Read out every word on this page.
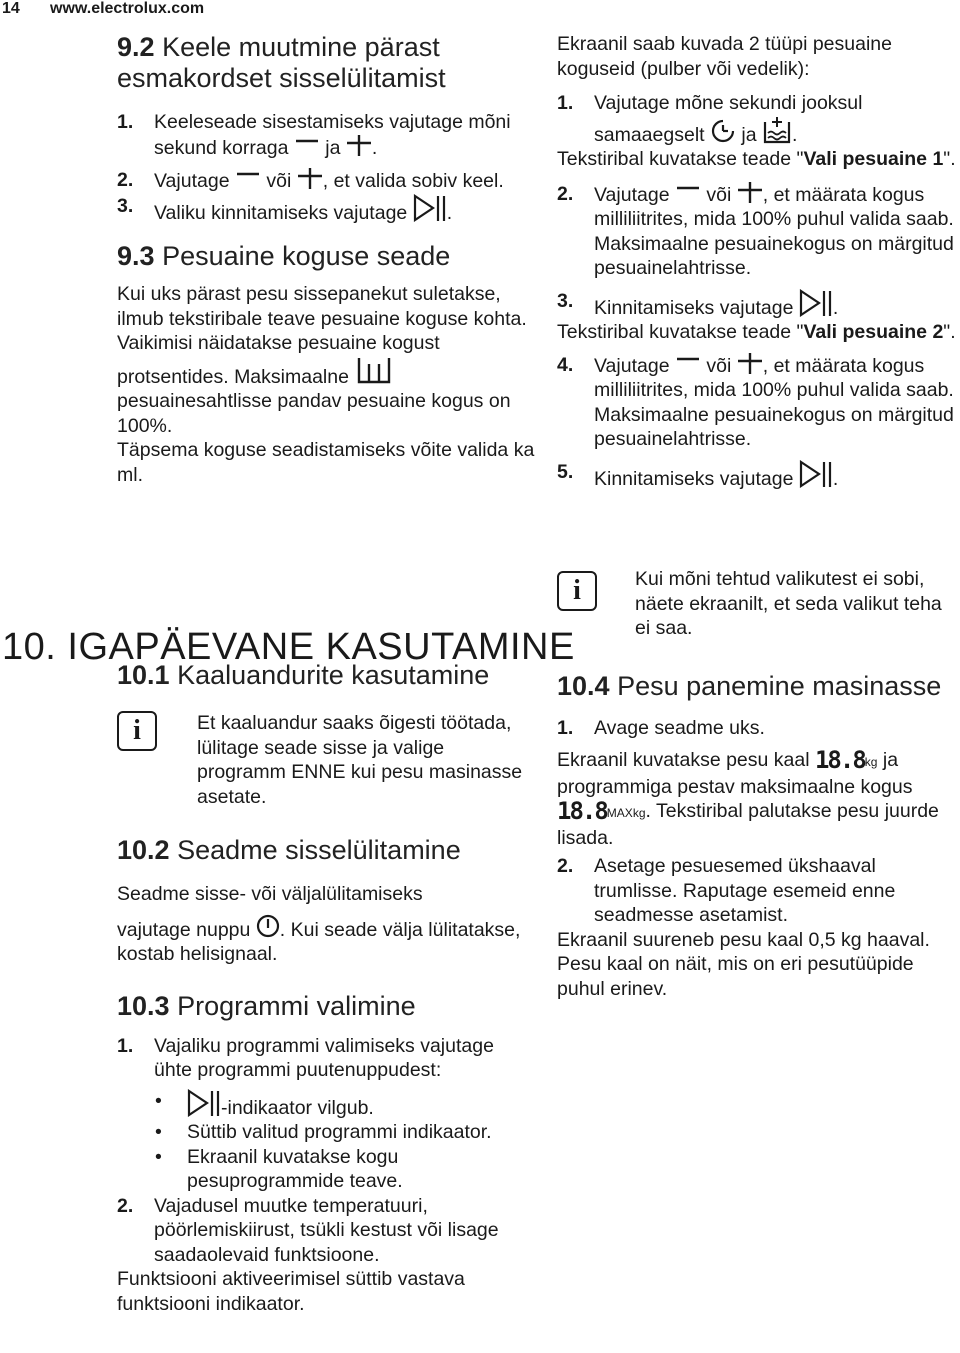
14 www.electrolux.com
9.2 Keele muutmine pärast esmakordset sisselülitamist
1.	Keeleseade sisestamiseks vajutage mõni sekund korraga ja .
2.	Vajutage või , et valida sobiv keel.
3.	Valiku kinnitamiseks vajutage .
9.3 Pesuaine koguse seade

Kui uks pärast pesu sissepanekut suletakse, ilmub tekstiribale teave pesuaine koguse kohta. Vaikimisi näidatakse pesuaine kogust protsentides. Maksimaalne  pesuainesahtlisse pandav pesuaine kogus on 100%.

Täpsema koguse seadistamiseks võite valida ka ml.

10. IGAPÄEVANE KASUTAMINE
10.1 Kaaluandurite kasutamine
i	Et kaaluandur saaks õigesti töötada, lülitage seade sisse ja valige programm ENNE kui pesu masinasse asetate.

10.2 Seadme sisselülitamine

Seadme sisse- või väljalülitamiseks

vajutage nuppu . Kui seade välja lülitatakse, kostab helisignaal.

10.3 Programmi valimine
1.	Vajaliku programmi valimiseks vajutage ühte programmi puutenuppudest:
•	-indikaator vilgub.
•	Süttib valitud programmi indikaator.
•	Ekraanil kuvatakse kogu pesuprogrammide teave.
2.	Vajadusel muutke temperatuuri, pöörlemiskiirust, tsükli kestust või lisage saadaolevaid funktsioone.

Funktsiooni aktiveerimisel süttib vastava funktsiooni indikaator.

Ekraanil saab kuvada 2 tüüpi pesuaine koguseid (pulber või vedelik):

1.	Vajutage mõne sekundi jooksul samaaegselt ja .

Tekstiribal kuvatakse teade "Vali pesuaine 1".

2.	Vajutage või , et määrata kogus milliliitrites, mida 100% puhul valida saab. Maksimaalne pesuainekogus on märgitud pesuainelahtrisse.
3.	Kinnitamiseks vajutage .

Tekstiribal kuvatakse teade "Vali pesuaine 2".

4.	Vajutage või , et määrata kogus milliliitrites, mida 100% puhul valida saab. Maksimaalne pesuainekogus on märgitud pesuainelahtrisse.
5.	Kinnitamiseks vajutage .
i	Kui mõni tehtud valikutest ei sobi, näete ekraanilt, et seda valikut teha ei saa.

10.4 Pesu panemine masinasse
1.	Avage seadme uks.

Ekraanil kuvatakse pesu kaal 18.8kg ja programmiga pestav maksimaalne kogus 18.8MAXkg. Tekstiribal palutakse pesu juurde lisada.

2.	Asetage pesuesemed ükshaaval trumlisse. Raputage esemeid enne seadmesse asetamist.

Ekraanil suureneb pesu kaal 0,5 kg haaval. Pesu kaal on näit, mis on eri pesutüüpide puhul erinev.
